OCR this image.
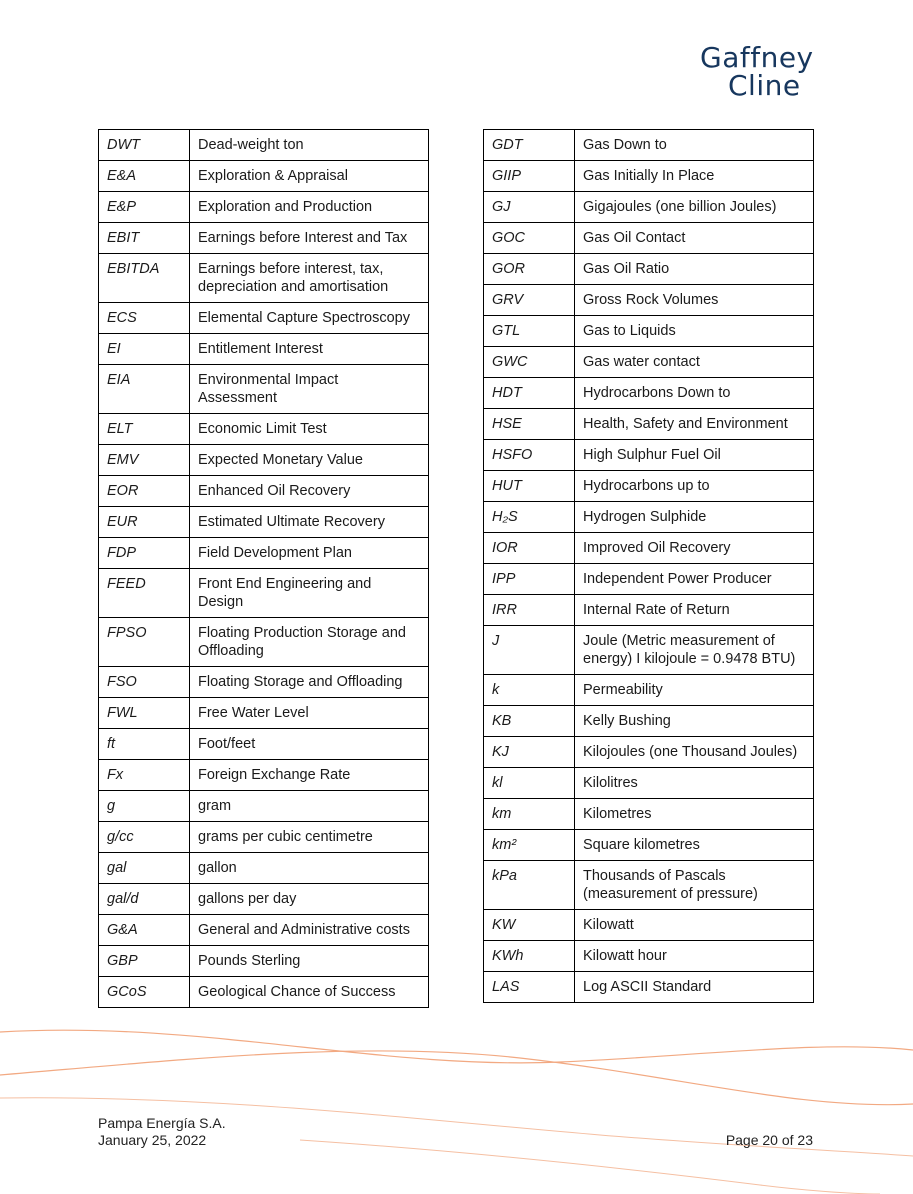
Gaffney
Cline
DWT	Dead-weight ton
E&A	Exploration & Appraisal
E&P	Exploration and Production
EBIT	Earnings before Interest and Tax
EBITDA	Earnings before interest, tax, depreciation and amortisation
ECS	Elemental Capture Spectroscopy
EI	Entitlement Interest
EIA	Environmental Impact Assessment
ELT	Economic Limit Test
EMV	Expected Monetary Value
EOR	Enhanced Oil Recovery
EUR	Estimated Ultimate Recovery
FDP	Field Development Plan
FEED	Front End Engineering and Design
FPSO	Floating Production Storage and Offloading
FSO	Floating Storage and Offloading
FWL	Free Water Level
ft	Foot/feet
Fx	Foreign Exchange Rate
g	gram
g/cc	grams per cubic centimetre
gal	gallon
gal/d	gallons per day
G&A	General and Administrative costs
GBP	Pounds Sterling
GCoS	Geological Chance of Success
GDT	Gas Down to
GIIP	Gas Initially In Place
GJ	Gigajoules (one billion Joules)
GOC	Gas Oil Contact
GOR	Gas Oil Ratio
GRV	Gross Rock Volumes
GTL	Gas to Liquids
GWC	Gas water contact
HDT	Hydrocarbons Down to
HSE	Health, Safety and Environment
HSFO	High Sulphur Fuel Oil
HUT	Hydrocarbons up to
H₂S	Hydrogen Sulphide
IOR	Improved Oil Recovery
IPP	Independent Power Producer
IRR	Internal Rate of Return
J	Joule (Metric measurement of energy) I kilojoule = 0.9478 BTU)
k	Permeability
KB	Kelly Bushing
KJ	Kilojoules (one Thousand Joules)
kl	Kilolitres
km	Kilometres
km²	Square kilometres
kPa	Thousands of Pascals (measurement of pressure)
KW	Kilowatt
KWh	Kilowatt hour
LAS	Log ASCII Standard
Pampa Energía S.A.
January 25, 2022	Page 20 of 23
